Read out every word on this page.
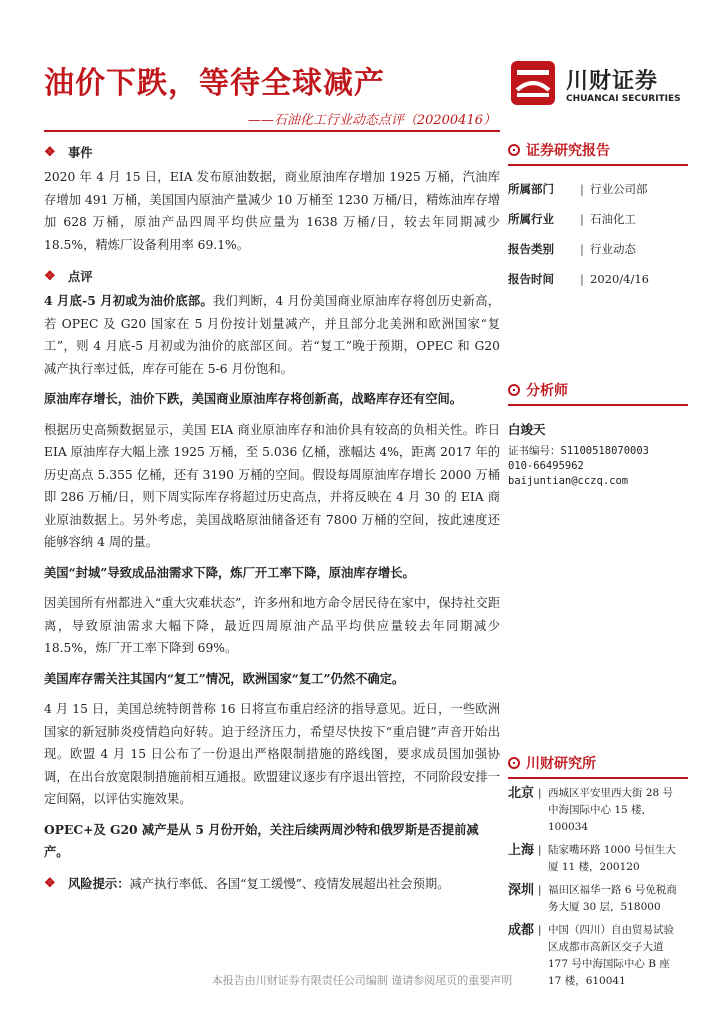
油价下跌，等待全球减产	川财证券
CHUANCAI SECURITIES
——石油化工行业动态点评（20200416）
❖	事件

2020 年 4 月 15 日，EIA 发布原油数据，商业原油库存增加 1925 万桶，汽油库存增加 491 万桶，美国国内原油产量减少 10 万桶至 1230 万桶/日，精炼油库存增加 628 万桶，原油产品四周平均供应量为 1638 万桶/日，较去年同期减少 18.5%，精炼厂设备利用率 69.1%。

❖	点评

4 月底-5 月初或为油价底部。我们判断，4 月份美国商业原油库存将创历史新高，若 OPEC 及 G20 国家在 5 月份按计划量减产，并且部分北美洲和欧洲国家“复工”，则 4 月底-5 月初或为油价的底部区间。若“复工”晚于预期，OPEC 和 G20 减产执行率过低，库存可能在 5-6 月份饱和。

原油库存增长，油价下跌，美国商业原油库存将创新高，战略库存还有空间。

根据历史高频数据显示，美国 EIA 商业原油库存和油价具有较高的负相关性。昨日 EIA 原油库存大幅上涨 1925 万桶，至 5.036 亿桶，涨幅达 4%，距离 2017 年的历史高点 5.355 亿桶，还有 3190 万桶的空间。假设每周原油库存增长 2000 万桶即 286 万桶/日，则下周实际库存将超过历史高点，并将反映在 4 月 30 的 EIA 商业原油数据上。另外考虑，美国战略原油储备还有 7800 万桶的空间，按此速度还能够容纳 4 周的量。

美国“封城”导致成品油需求下降，炼厂开工率下降，原油库存增长。

因美国所有州都进入“重大灾难状态”，许多州和地方命令居民待在家中，保持社交距离，导致原油需求大幅下降，最近四周原油产品平均供应量较去年同期减少 18.5%，炼厂开工率下降到 69%。

美国库存需关注其国内“复工”情况，欧洲国家“复工”仍然不确定。

4 月 15 日，美国总统特朗普称 16 日将宣布重启经济的指导意见。近日，一些欧洲国家的新冠肺炎疫情趋向好转。迫于经济压力，希望尽快按下“重启键”声音开始出现。欧盟 4 月 15 日公布了一份退出严格限制措施的路线图，要求成员国加强协调，在出台放宽限制措施前相互通报。欧盟建议逐步有序退出管控，不同阶段安排一定间隔，以评估实施效果。

OPEC+及 G20 减产是从 5 月份开始，关注后续两周沙特和俄罗斯是否提前减产。
❖	风险提示： 减产执行率低、各国“复工缓慢”、疫情发展超出社会预期。
证券研究报告
所属部门	| 行业公司部
所属行业	| 石油化工
报告类别	| 行业动态
报告时间	| 2020/4/16
分析师
白竣天
证书编号：S1100518070003
010-66495962
baijuntian@cczq.com
川财研究所
北京 | 西城区平安里西大街 28 号中海国际中心 15 楼，100034
上海 | 陆家嘴环路 1000 号恒生大厦 11 楼，200120
深圳 | 福田区福华一路 6 号免税商务大厦 30 层，518000
成都 | 中国（四川）自由贸易试验区成都市高新区交子大道 177 号中海国际中心 B 座 17 楼，610041
本报告由川财证券有限责任公司编制 谨请参阅尾页的重要声明
